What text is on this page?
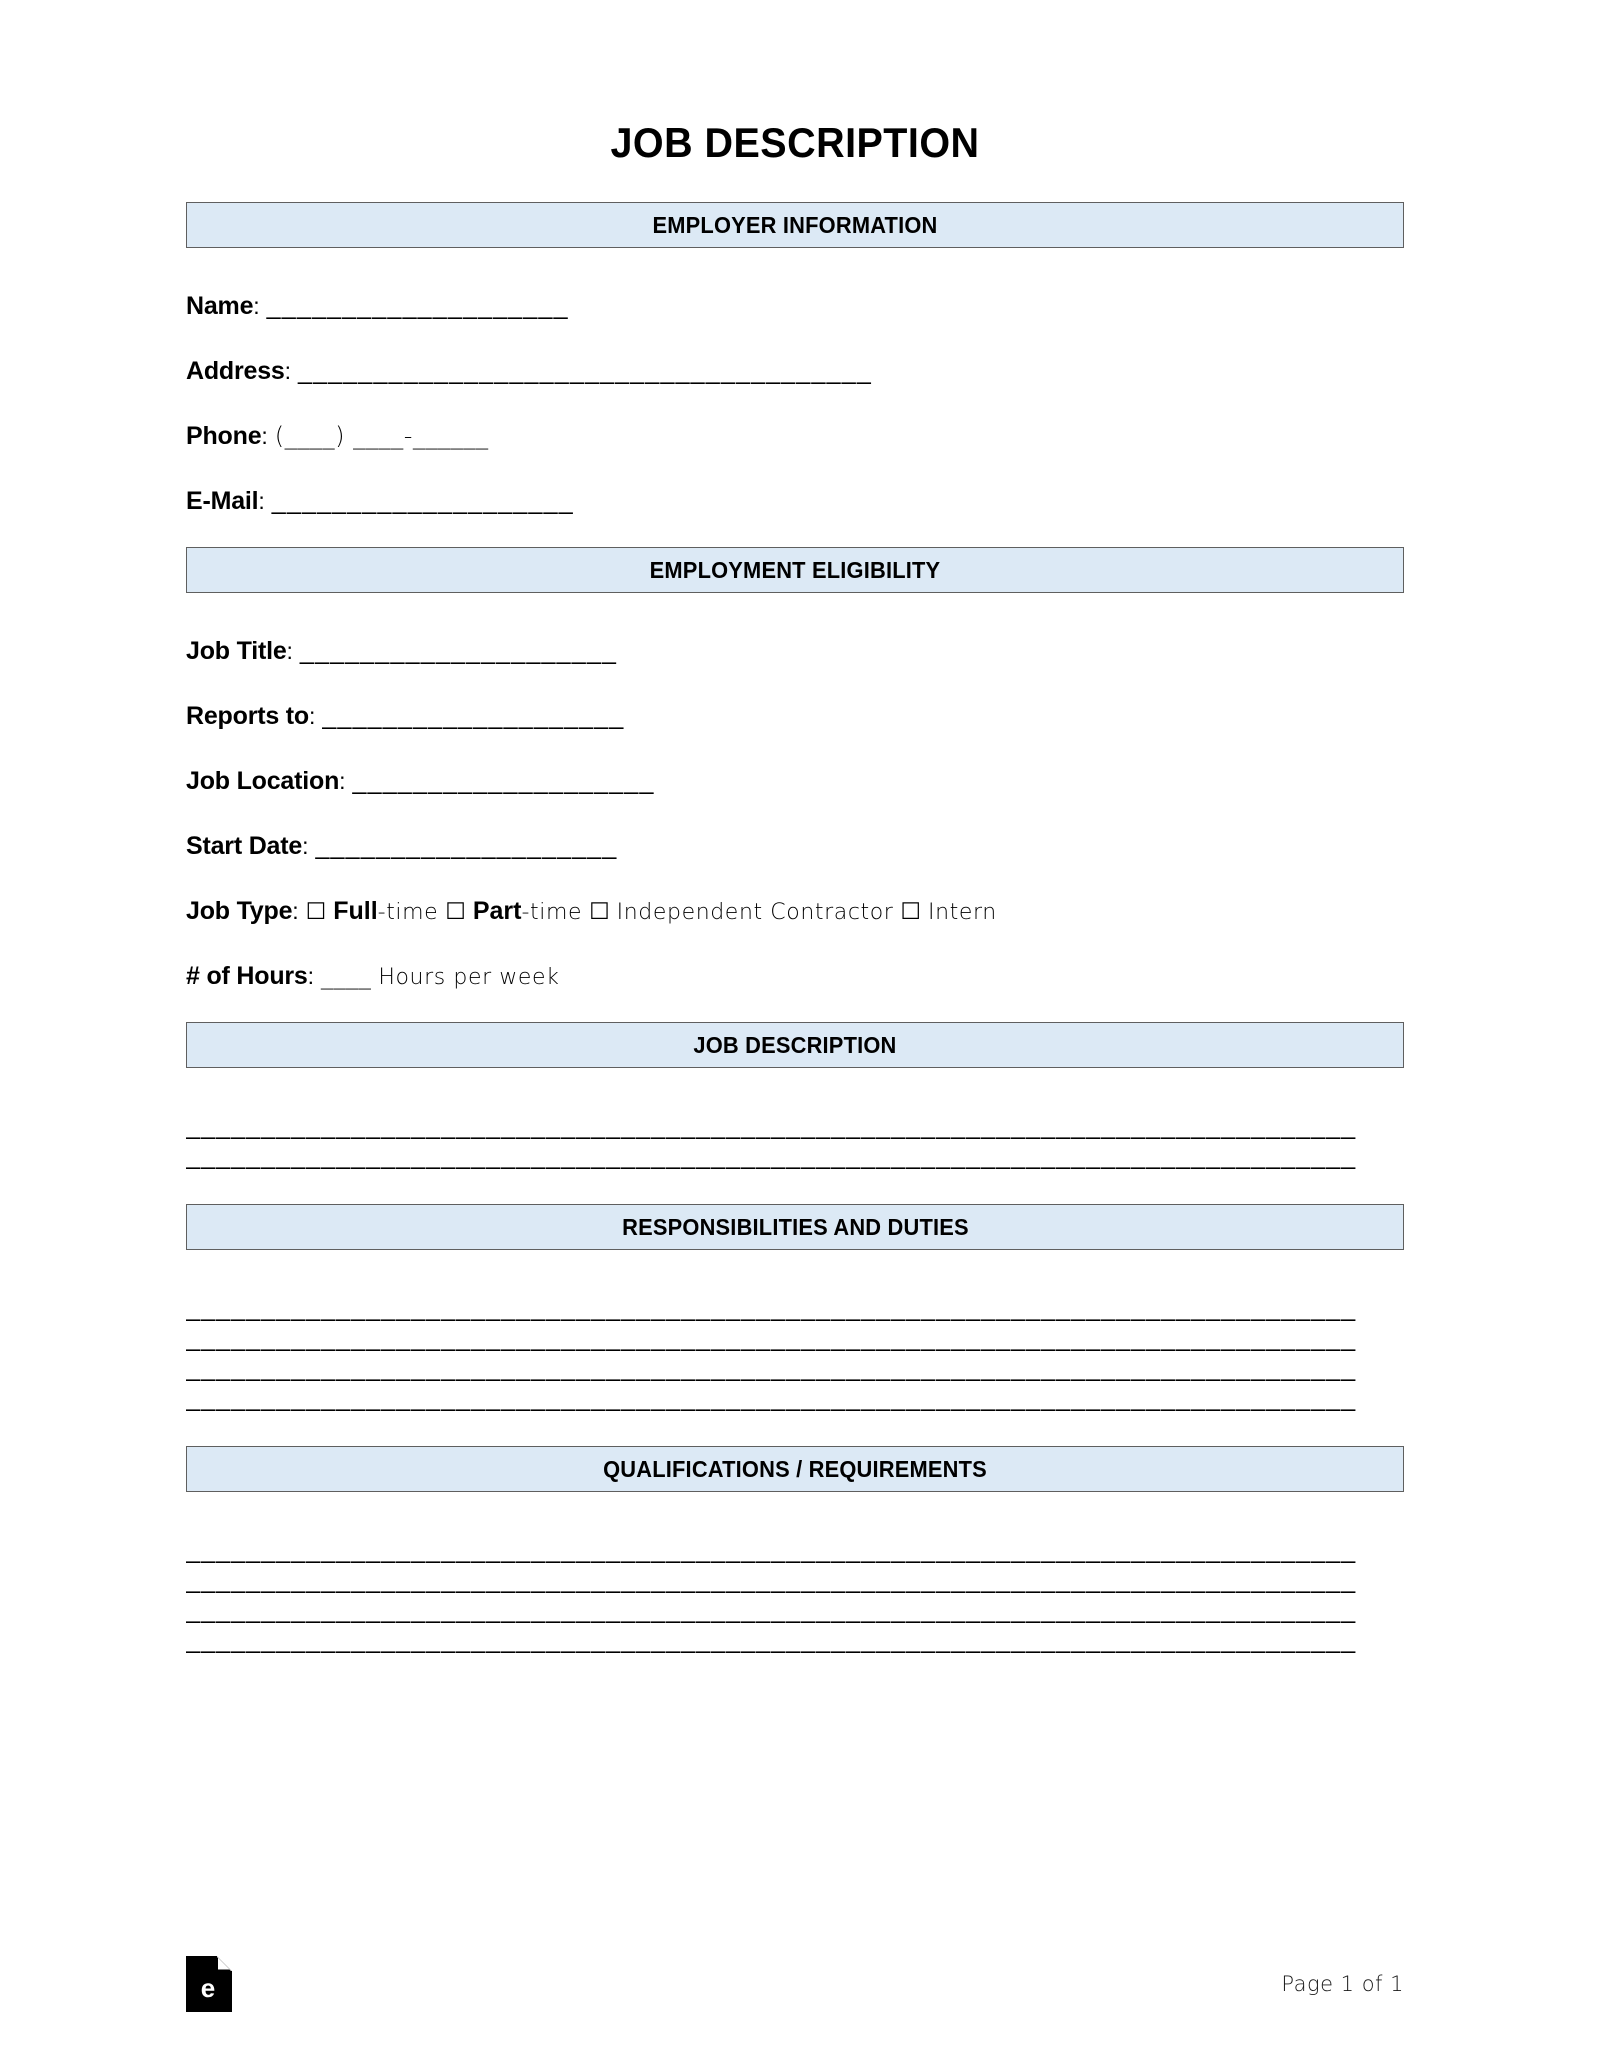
JOB DESCRIPTION
EMPLOYER INFORMATION
Name: ____________________
Address: ______________________________________
Phone: (____) ____-______
E-Mail: ____________________
EMPLOYMENT ELIGIBILITY
Job Title: _____________________
Reports to: ____________________
Job Location: ____________________
Start Date: ____________________
Job Type: ☐ Full-time ☐ Part-time ☐ Independent Contractor ☐ Intern
# of Hours: ____ Hours per week
JOB DESCRIPTION
______________________________________________________________________________
______________________________________________________________________________
RESPONSIBILITIES AND DUTIES
______________________________________________________________________________
______________________________________________________________________________
______________________________________________________________________________
______________________________________________________________________________
QUALIFICATIONS / REQUIREMENTS
______________________________________________________________________________
______________________________________________________________________________
______________________________________________________________________________
______________________________________________________________________________
e	Page 1 of 1
